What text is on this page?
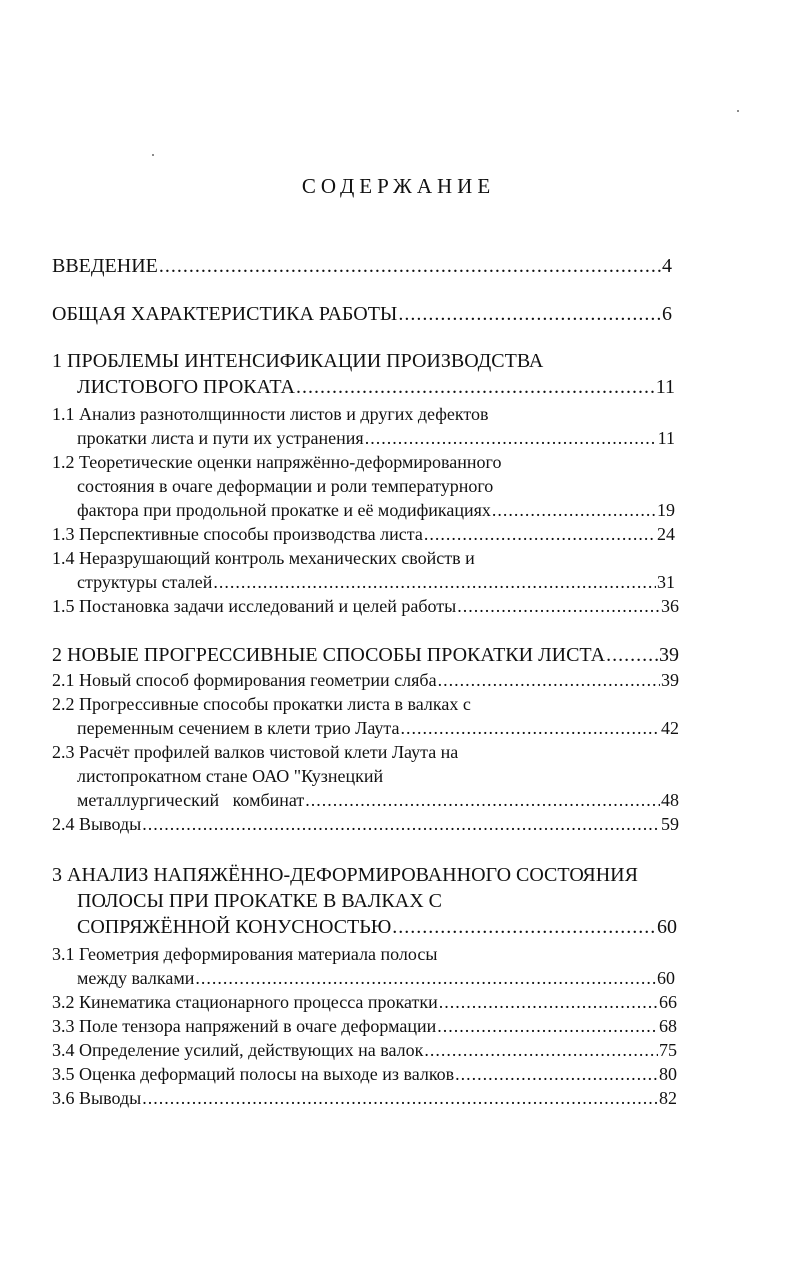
СОДЕРЖАНИЕ
ВВЕДЕНИЕ .....	4
ОБЩАЯ ХАРАКТЕРИСТИКА РАБОТЫ .....	6
1 ПРОБЛЕМЫ ИНТЕНСИФИКАЦИИ ПРОИЗВОДСТВА
ЛИСТОВОГО ПРОКАТА .....	11
1.1 Анализ разнотолщинности листов и других дефектов
прокатки листа и пути их устранения .....	11
1.2 Теоретические оценки напряжённо-деформированного
состояния в очаге деформации и роли температурного
фактора при продольной прокатке и её модификациях .....	19
1.3 Перспективные способы производства листа .....	24
1.4 Неразрушающий контроль механических свойств и
структуры сталей .....	31
1.5 Постановка задачи исследований и целей работы .....	36
2 НОВЫЕ ПРОГРЕССИВНЫЕ СПОСОБЫ ПРОКАТКИ ЛИСТА .....	39
2.1 Новый способ формирования геометрии сляба .....	39
2.2 Прогрессивные способы прокатки листа в валках с
переменным сечением в клети трио Лаута .....	42
2.3 Расчёт профилей валков чистовой клети Лаута на
листопрокатном стане ОАО "Кузнецкий
металлургический   комбинат .....	48
2.4 Выводы .....	59
3 АНАЛИЗ НАПЯЖЁННО-ДЕФОРМИРОВАННОГО СОСТОЯНИЯ
ПОЛОСЫ ПРИ ПРОКАТКЕ В ВАЛКАХ С
СОПРЯЖЁННОЙ КОНУСНОСТЬЮ .....	60
3.1 Геометрия деформирования материала полосы
между валками .....	60
3.2 Кинематика стационарного процесса прокатки .....	66
3.3 Поле тензора напряжений в очаге деформации .....	68
3.4 Определение усилий, действующих на валок .....	75
3.5 Оценка деформаций полосы на выходе из валков .....	80
3.6 Выводы .....	82
